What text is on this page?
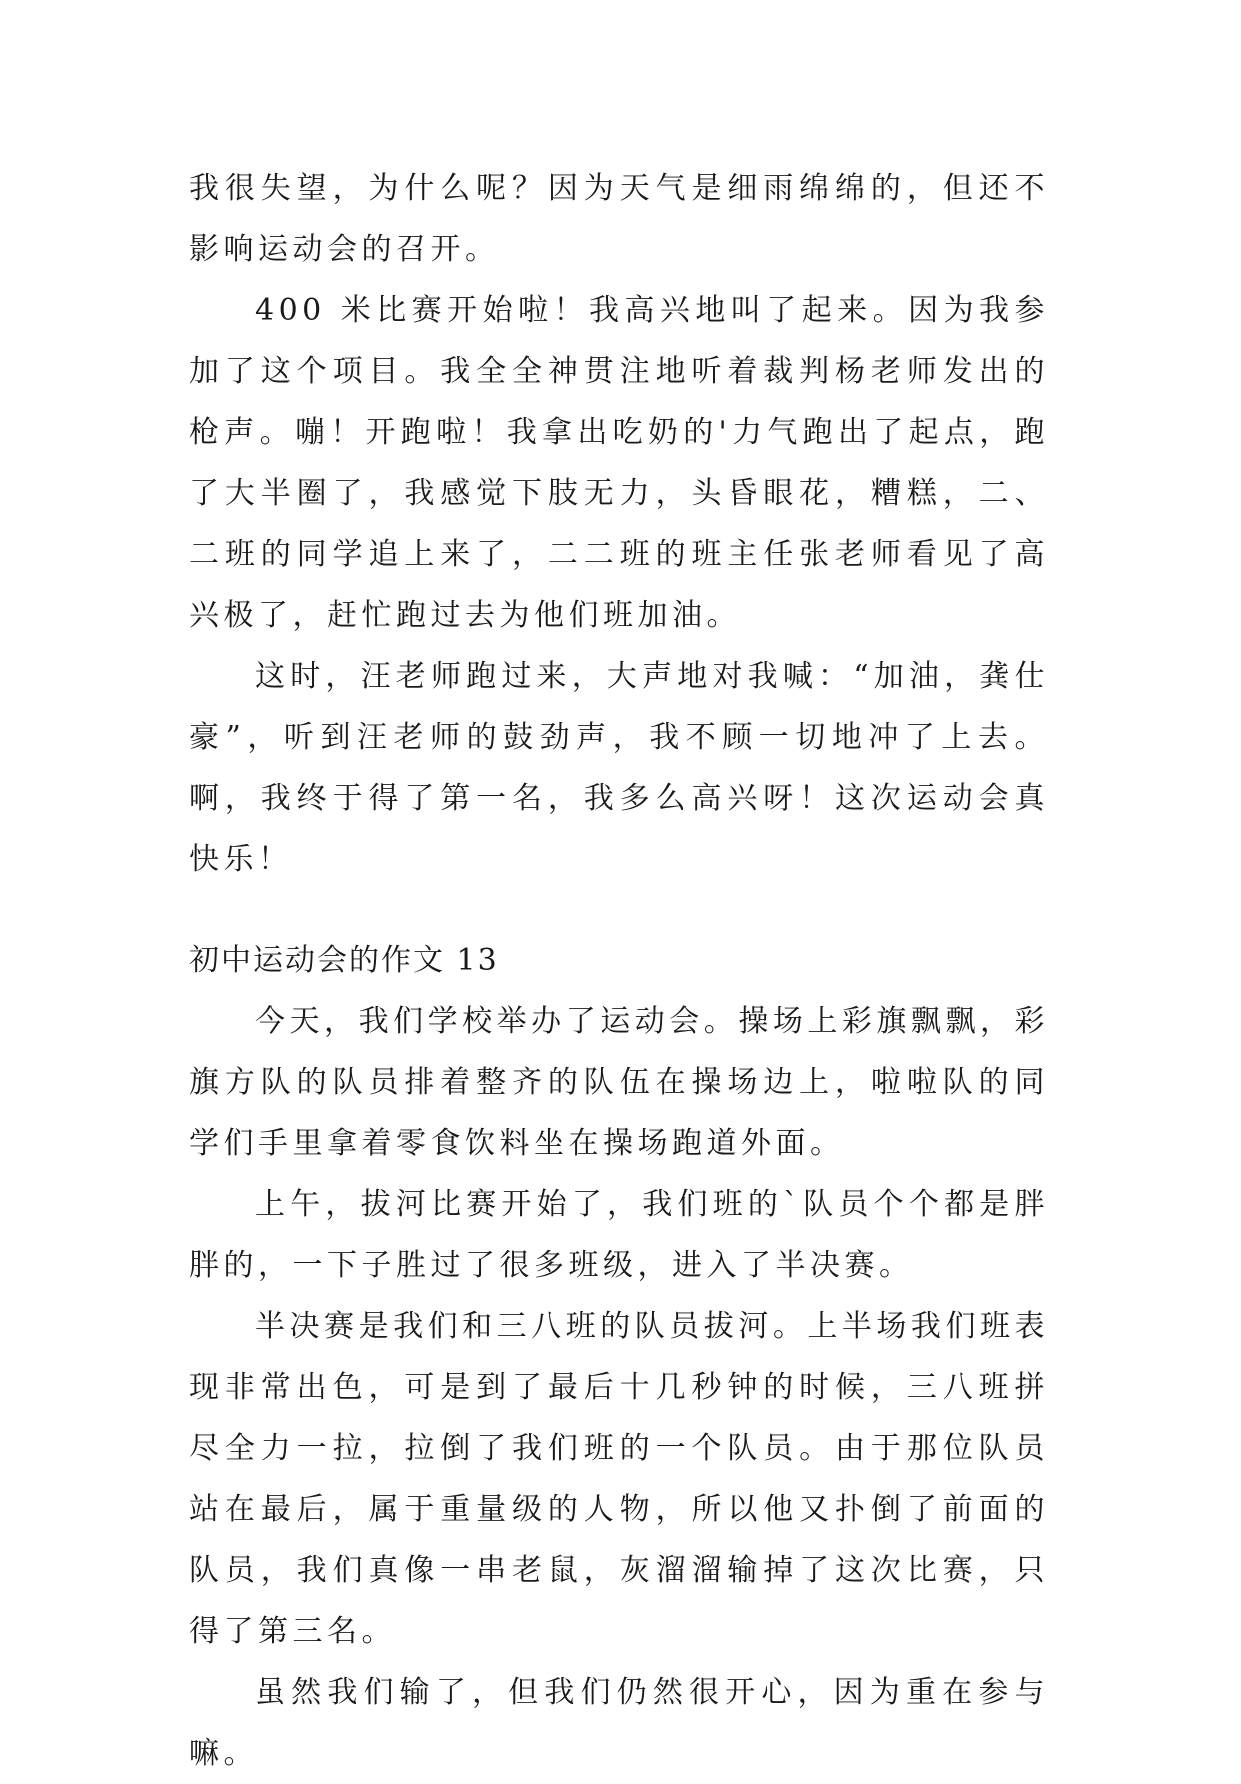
我很失望，为什么呢？因为天气是细雨绵绵的，但还不影响运动会的召开。

400 米比赛开始啦！我高兴地叫了起来。因为我参加了这个项目。我全全神贯注地听着裁判杨老师发出的枪声。嘣！开跑啦！我拿出吃奶的'力气跑出了起点，跑了大半圈了，我感觉下肢无力，头昏眼花，糟糕，二、二班的同学追上来了，二二班的班主任张老师看见了高兴极了，赶忙跑过去为他们班加油。

这时，汪老师跑过来，大声地对我喊：“加油，龚仕豪”，听到汪老师的鼓劲声，我不顾一切地冲了上去。啊，我终于得了第一名，我多么高兴呀！这次运动会真快乐！

初中运动会的作文 13

今天，我们学校举办了运动会。操场上彩旗飘飘，彩旗方队的队员排着整齐的队伍在操场边上，啦啦队的同学们手里拿着零食饮料坐在操场跑道外面。

上午，拔河比赛开始了，我们班的`队员个个都是胖胖的，一下子胜过了很多班级，进入了半决赛。

半决赛是我们和三八班的队员拔河。上半场我们班表现非常出色，可是到了最后十几秒钟的时候，三八班拼尽全力一拉，拉倒了我们班的一个队员。由于那位队员站在最后，属于重量级的人物，所以他又扑倒了前面的队员，我们真像一串老鼠，灰溜溜输掉了这次比赛，只得了第三名。

虽然我们输了，但我们仍然很开心，因为重在参与嘛。
